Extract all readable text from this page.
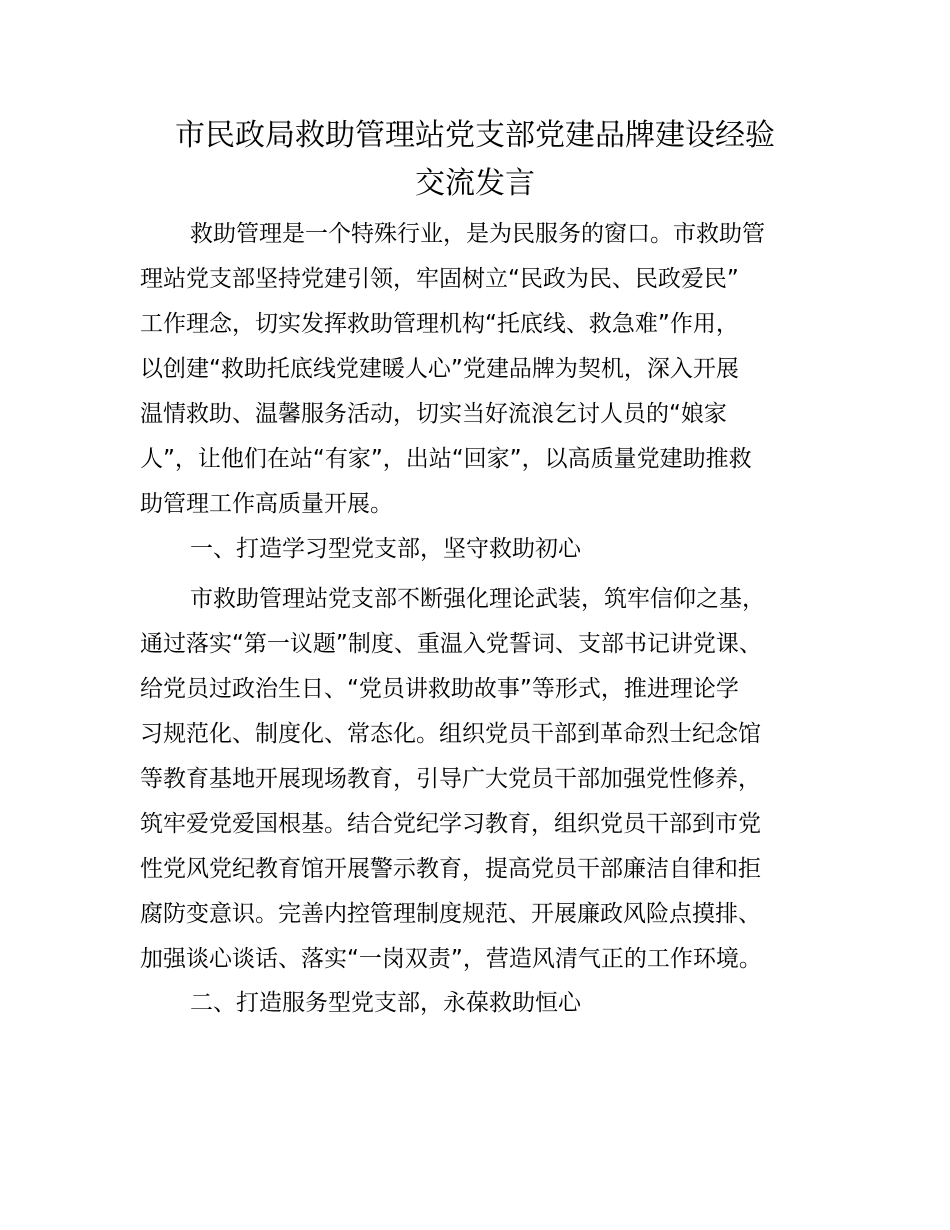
市民政局救助管理站党支部党建品牌建设经验
交流发言

救助管理是一个特殊行业，是为民服务的窗口。市救助管
理站党支部坚持党建引领，牢固树立“民政为民、民政爱民”
工作理念，切实发挥救助管理机构“托底线、救急难”作用，
以创建“救助托底线党建暖人心”党建品牌为契机，深入开展
温情救助、温馨服务活动，切实当好流浪乞讨人员的“娘家
人”，让他们在站“有家”，出站“回家”，以高质量党建助推救
助管理工作高质量开展。

一、打造学习型党支部，坚守救助初心

市救助管理站党支部不断强化理论武装，筑牢信仰之基，
通过落实“第一议题”制度、重温入党誓词、支部书记讲党课、
给党员过政治生日、“党员讲救助故事”等形式，推进理论学
习规范化、制度化、常态化。组织党员干部到革命烈士纪念馆
等教育基地开展现场教育，引导广大党员干部加强党性修养，
筑牢爱党爱国根基。结合党纪学习教育，组织党员干部到市党
性党风党纪教育馆开展警示教育，提高党员干部廉洁自律和拒
腐防变意识。完善内控管理制度规范、开展廉政风险点摸排、
加强谈心谈话、落实“一岗双责”，营造风清气正的工作环境。

二、打造服务型党支部，永葆救助恒心
